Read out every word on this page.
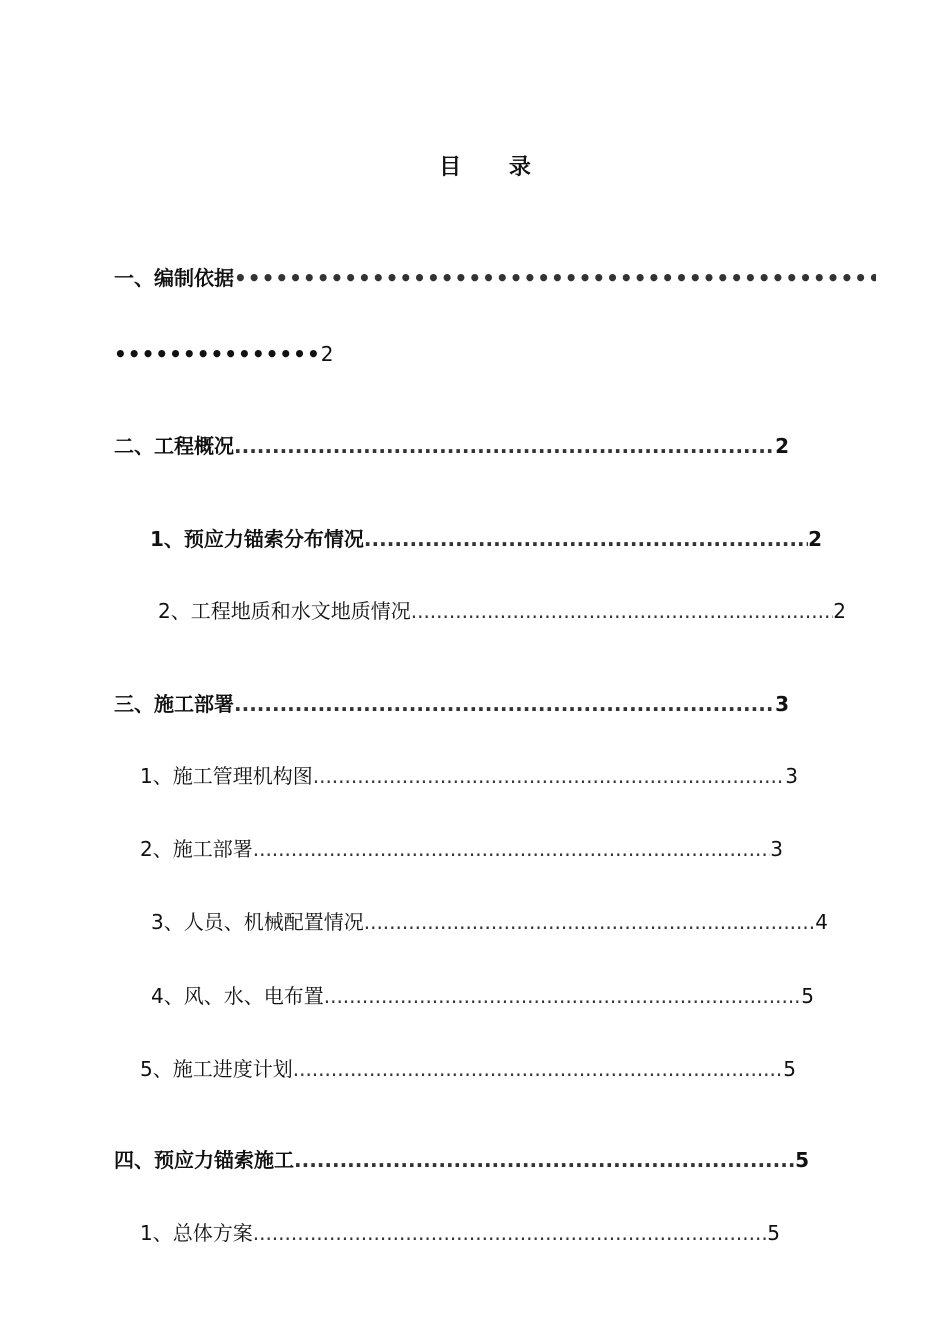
目 录
一、编制依据
•••••
••••••••••••••• 2
二、工程概况 .....	2
1、预应力锚索分布情况 .....	2
2、工程地质和水文地质情况 .....	2
三、施工部署 .....	3
1、施工管理机构图 .....	3
2、施工部署 .....	3
3、人员、机械配置情况 .....	4
4、风、水、电布置 .....	5
5、施工进度计划 .....	5
四、预应力锚索施工 .....	5
1、总体方案 .....	5
